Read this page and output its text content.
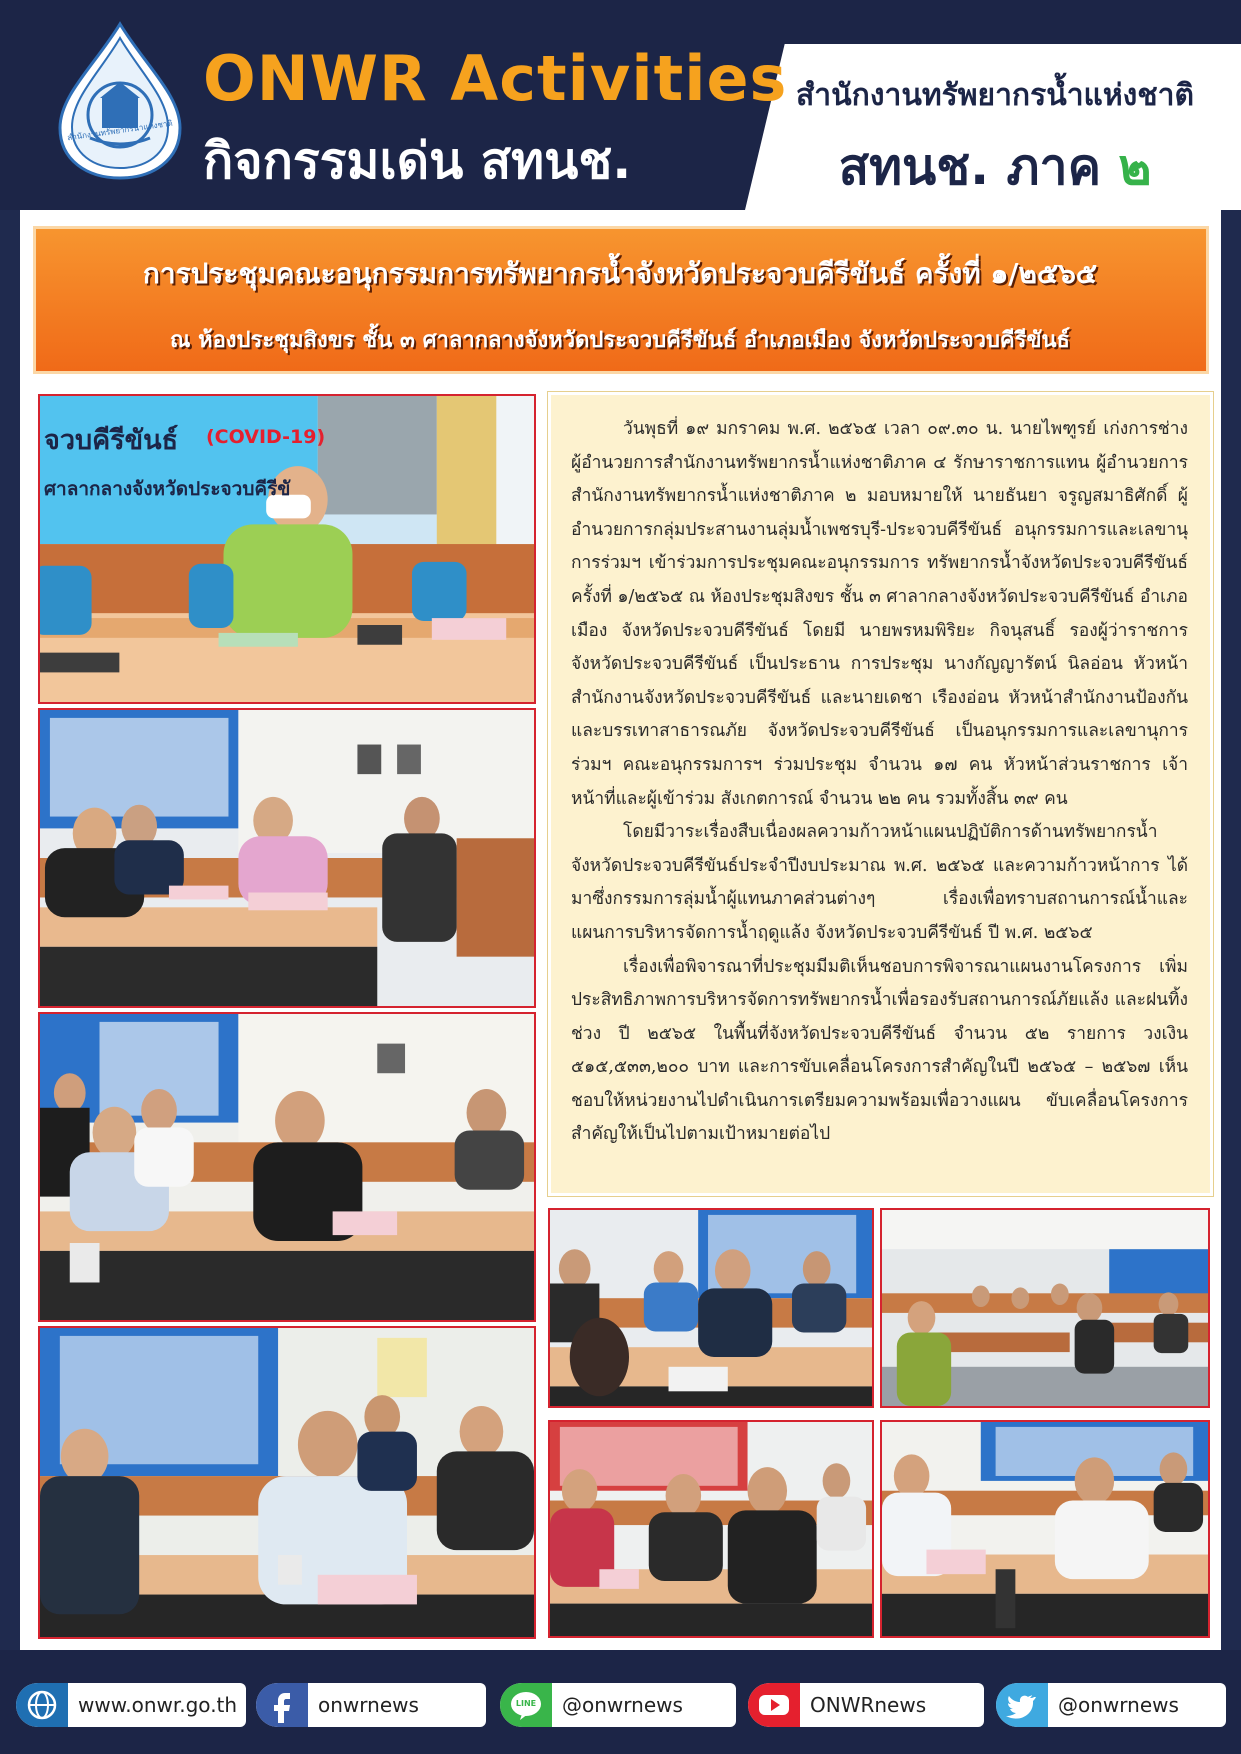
สำนักงานทรัพยากรน้ำแห่งชาติ
ONWR Activities
กิจกรรมเด่น สทนช.
สำนักงานทรัพยากรน้ำแห่งชาติ
สทนช. ภาค ๒
การประชุมคณะอนุกรรมการทรัพยากรน้ำจังหวัดประจวบคีรีขันธ์ ครั้งที่ ๑/๒๕๖๕
ณ ห้องประชุมสิงขร ชั้น ๓ ศาลากลางจังหวัดประจวบคีรีขันธ์ อำเภอเมือง จังหวัดประจวบคีรีขันธ์
จวบคีรีขันธ์ (COVID-19)
ศาลากลางจังหวัดประจวบคีรีขั

วันพุธที่ ๑๙ มกราคม พ.ศ. ๒๕๖๕ เวลา ๐๙.๓๐ น. นายไพฑูรย์ เก่งการช่าง ผู้อำนวยการสำนักงานทรัพยากรน้ำแห่งชาติภาค ๔ รักษาราชการแทน ผู้อำนวยการสำนักงานทรัพยากรน้ำแห่งชาติภาค ๒ มอบหมายให้ นายธันยา จรูญสมาธิศักดิ์ ผู้อำนวยการกลุ่มประสานงานลุ่มน้ำเพชรบุรี-ประจวบคีรีขันธ์ อนุกรรมการและเลขานุการร่วมฯ เข้าร่วมการประชุมคณะอนุกรรมการ ทรัพยากรน้ำจังหวัดประจวบคีรีขันธ์ ครั้งที่ ๑/๒๕๖๕ ณ ห้องประชุมสิงขร ชั้น ๓ ศาลากลางจังหวัดประจวบคีรีขันธ์ อำเภอเมือง จังหวัดประจวบคีรีขันธ์ โดยมี นายพรหมพิริยะ กิจนุสนธิ์ รองผู้ว่าราชการจังหวัดประจวบคีรีขันธ์ เป็นประธาน การประชุม นางกัญญารัตน์ นิลอ่อน หัวหน้าสำนักงานจังหวัดประจวบคีรีขันธ์ และนายเดชา เรืองอ่อน หัวหน้าสำนักงานป้องกันและบรรเทาสาธารณภัย จังหวัดประจวบคีรีขันธ์ เป็นอนุกรรมการและเลขานุการร่วมฯ คณะอนุกรรมการฯ ร่วมประชุม จำนวน ๑๗ คน หัวหน้าส่วนราชการ เจ้าหน้าที่และผู้เข้าร่วม สังเกตการณ์ จำนวน ๒๒ คน รวมทั้งสิ้น ๓๙ คน

โดยมีวาระเรื่องสืบเนื่องผลความก้าวหน้าแผนปฏิบัติการด้านทรัพยากรน้ำ จังหวัดประจวบคีรีขันธ์ประจำปีงบประมาณ พ.ศ. ๒๕๖๕ และความก้าวหน้าการ ได้มาซึ่งกรรมการลุ่มน้ำผู้แทนภาคส่วนต่างๆ เรื่องเพื่อทราบสถานการณ์น้ำและ แผนการบริหารจัดการน้ำฤดูแล้ง จังหวัดประจวบคีรีขันธ์ ปี พ.ศ. ๒๕๖๕

เรื่องเพื่อพิจารณาที่ประชุมมีมติเห็นชอบการพิจารณาแผนงานโครงการ เพิ่มประสิทธิภาพการบริหารจัดการทรัพยากรน้ำเพื่อรองรับสถานการณ์ภัยแล้ง และฝนทิ้งช่วง ปี ๒๕๖๕ ในพื้นที่จังหวัดประจวบคีรีขันธ์ จำนวน ๕๒ รายการ วงเงิน ๕๑๕,๕๓๓,๒๐๐ บาท และการขับเคลื่อนโครงการสำคัญในปี ๒๕๖๕ – ๒๕๖๗ เห็นชอบให้หน่วยงานไปดำเนินการเตรียมความพร้อมเพื่อวางแผน ขับเคลื่อนโครงการสำคัญให้เป็นไปตามเป้าหมายต่อไป

www.onwr.go.th	onwrnews	LINE @onwrnews	ONWRnews	@onwrnews
